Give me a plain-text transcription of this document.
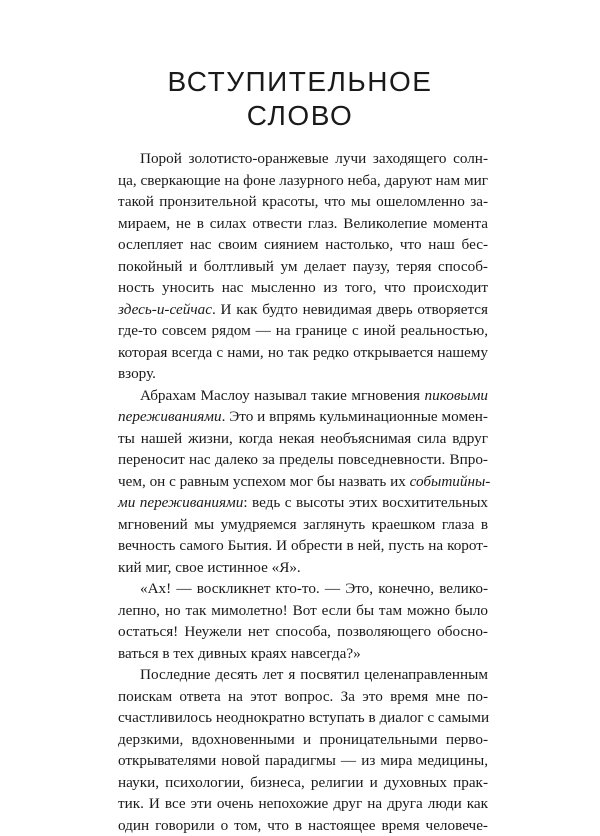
ВСТУПИТЕЛЬНОЕ
СЛОВО
Порой золотисто-оранжевые лучи заходящего солн-
ца, сверкающие на фоне лазурного неба, даруют нам миг
такой пронзительной красоты, что мы ошеломленно за-
мираем, не в силах отвести глаз. Великолепие момента
ослепляет нас своим сиянием настолько, что наш бес-
покойный и болтливый ум делает паузу, теряя способ-
ность уносить нас мысленно из того, что происходит
здесь-и-сейчас. И как будто невидимая дверь отворяется
где-то совсем рядом — на границе с иной реальностью,
которая всегда с нами, но так редко открывается нашему
взору.
Абрахам Маслоу называл такие мгновения пиковыми
переживаниями. Это и впрямь кульминационные момен-
ты нашей жизни, когда некая необъяснимая сила вдруг
переносит нас далеко за пределы повседневности. Впро-
чем, он с равным успехом мог бы назвать их событийны-
ми переживаниями: ведь с высоты этих восхитительных
мгновений мы умудряемся заглянуть краешком глаза в
вечность самого Бытия. И обрести в ней, пусть на корот-
кий миг, свое истинное «Я».
«Ах! — воскликнет кто-то. — Это, конечно, велико-
лепно, но так мимолетно! Вот если бы там можно было
остаться! Неужели нет способа, позволяющего обосно-
ваться в тех дивных краях навсегда?»
Последние десять лет я посвятил целенаправленным
поискам ответа на этот вопрос. За это время мне по-
счастливилось неоднократно вступать в диалог с самыми
дерзкими, вдохновенными и проницательными перво-
открывателями новой парадигмы — из мира медицины,
науки, психологии, бизнеса, религии и духовных прак-
тик. И все эти очень непохожие друг на друга люди как
один говорили о том, что в настоящее время человече-
